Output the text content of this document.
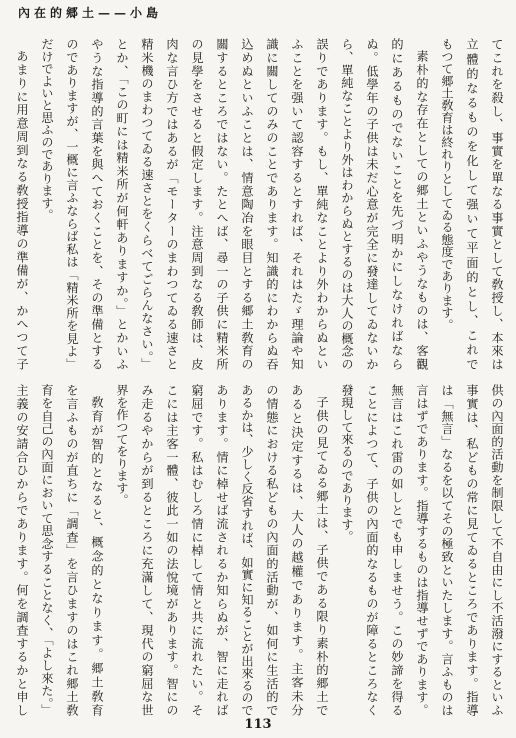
內在的郷土——小島
てこれを殺し、事實を單なる事實として敎授し、本來は
立體的なるものを化して强いて平面的とし、これで
もつて郷土敎育は終れりとしてゐる態度であります。
素朴的な存在としての郷土といふやうなものは、客觀
的にあるものでないことを先づ明かにしなければなら
ぬ。低學年の子供は未だ心意が完全に發達してゐないか
ら、單純なことより外はわからぬとするのは大人の概念の
誤りであります。もし、單純なことより外わからぬとい
ふことを强いて認容するとすれば、それはたゞ理論や知
識に關してのみのことであります。知識的にわからぬ吞
込めぬといふことは、情意陶冶を眼目とする郷土敎育の
關するところではない。たとへば、尋一の子供に精米所
の見學をさせると假定します。注意周到なる敎師は、皮
肉な言ひ方ではあるが「モーターのまわつてゐる速さと
精米機のまわつてゐる速さとをくらべてごらんなさい。」
とか、「この町には精米所が何軒ありますか。」とかいふ
やうな指導的言葉を與へておくことを、その準備とする
のでありますが、一概に言ふならば私は「精米所を見よ」
だけでよいと思ふのであります。
あまりに用意周到なる敎授指導の準備が、かへつて子
供の內面的活動を制限して不自由にし不活潑にするといふ
事實は、私どもの常に見てゐるところであります。指導
は「無言」なるを以てその極致といたします。言ふものは
言はずであります。指導するものは指導せずであります。
無言はこれ雷の如しとでも申しませう。この妙諦を得る
ことによつて、子供の內面的なるものが障るところなく
發現して來るのであります。
子供の見てゐる郷土は、子供である限り素朴的郷土で
あると決定するは、大人の越權であります。主客未分
の情態における私どもの內面的活動が、如何に生活的で
あるかは、少しく反省すれば、如實に知ることが出來るので
あります。情に棹せば流されるか知らぬが、智に走れば
窮屈です。私はむしろ情に棹して情と共に流れたい。そ
こには主客一體、彼此一如の法悅境があります。智にの
み走るやからが到るところに充滿して、現代の窮屈な世
界を作つてをります。
敎育が智的となると、概念的となります。郷土敎育
を言ふものが直ちに「調査」を言ひますのはこれ郷土敎
育を自己の內面において思念することなく、「よし來た。」
主義の安請合ひからであります。何を調査するかと申し
113
